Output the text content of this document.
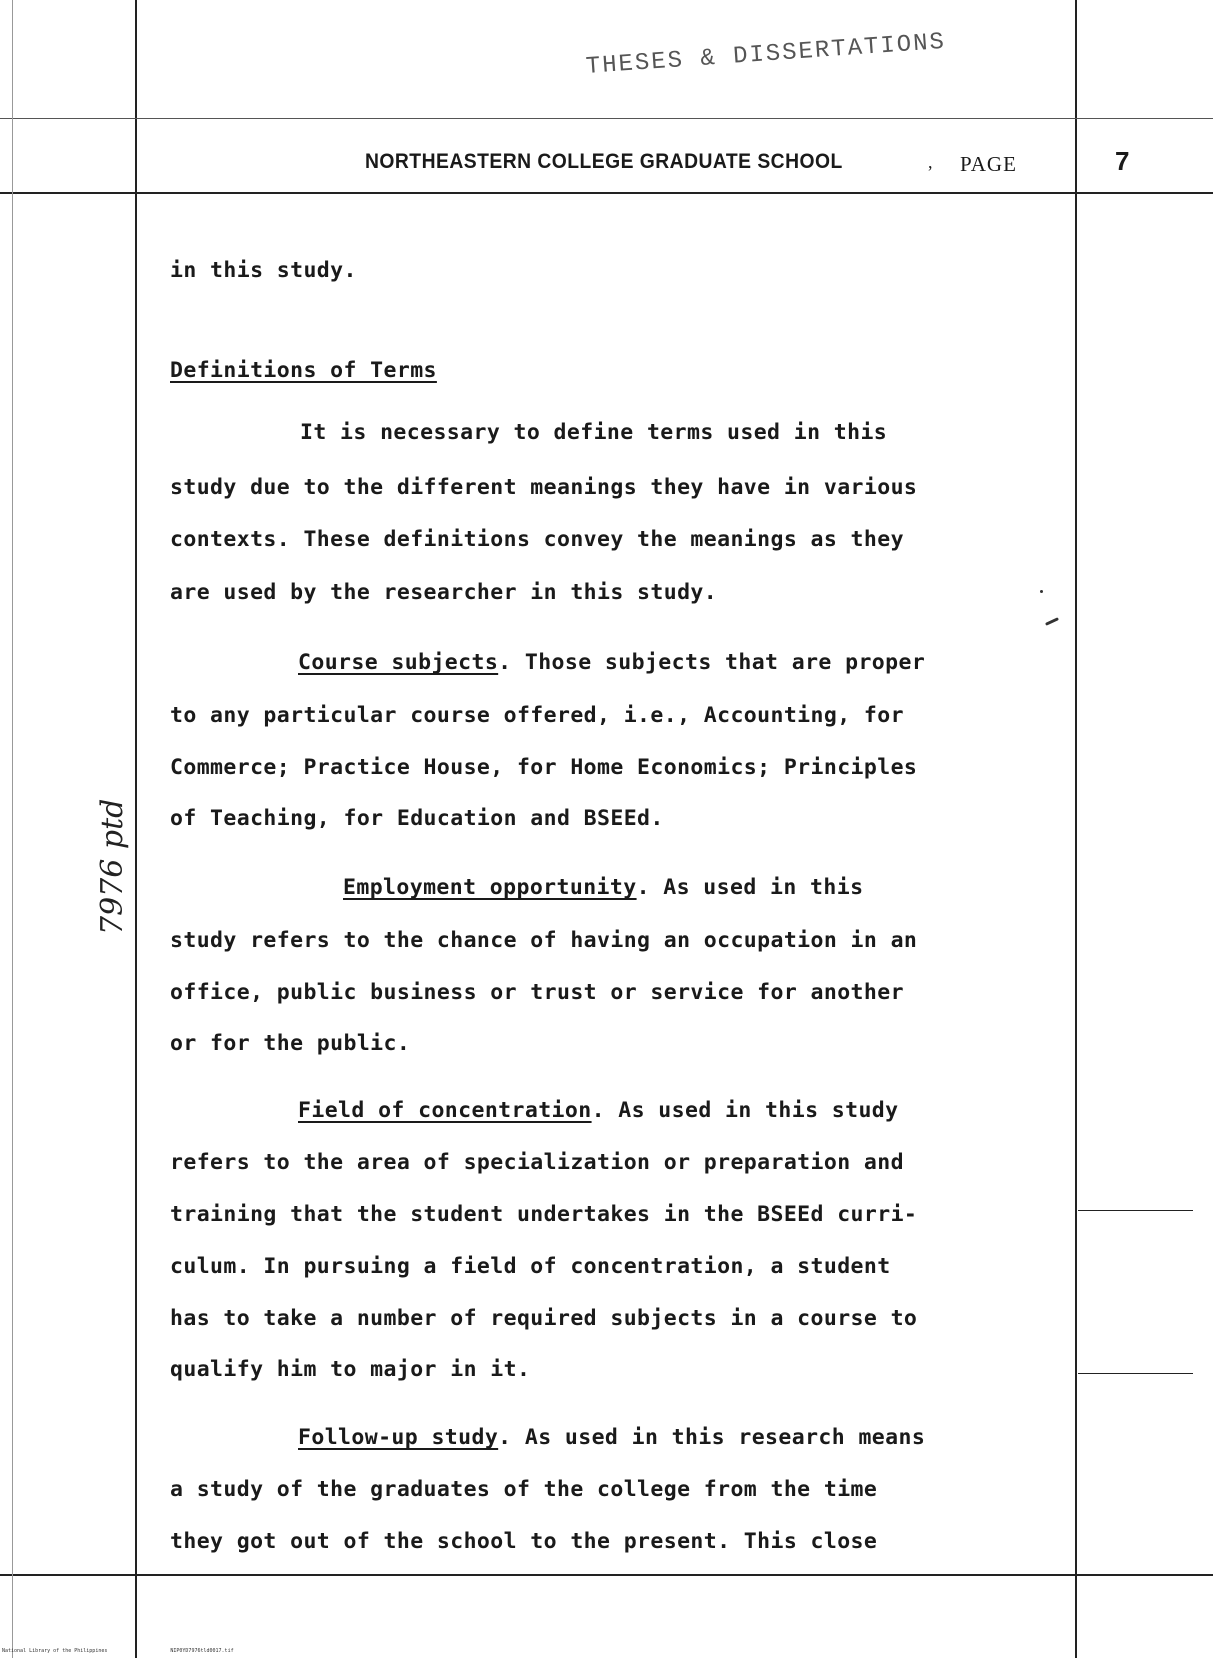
THESES & DISSERTATIONS
NORTHEASTERN COLLEGE GRADUATE SCHOOL	, PAGE	7
7976 ptd
in this study.
Definitions of Terms
It is necessary to define terms used in this
study due to the different meanings they have in various
contexts. These definitions convey the meanings as they
are used by the researcher in this study.
Course subjects. Those subjects that are proper
to any particular course offered, i.e., Accounting, for
Commerce; Practice House, for Home Economics; Principles
of Teaching, for Education and BSEEd.
Employment opportunity. As used in this
study refers to the chance of having an occupation in an
office, public business or trust or service for another
or for the public.
Field of concentration. As used in this study
refers to the area of specialization or preparation and
training that the student undertakes in the BSEEd curri-
culum. In pursuing a field of concentration, a student
has to take a number of required subjects in a course to
qualify him to major in it.
Follow-up study. As used in this research means
a study of the graduates of the college from the time
they got out of the school to the present. This close
National Library of the Philippines	NIP0YD7976tld0017.tif
